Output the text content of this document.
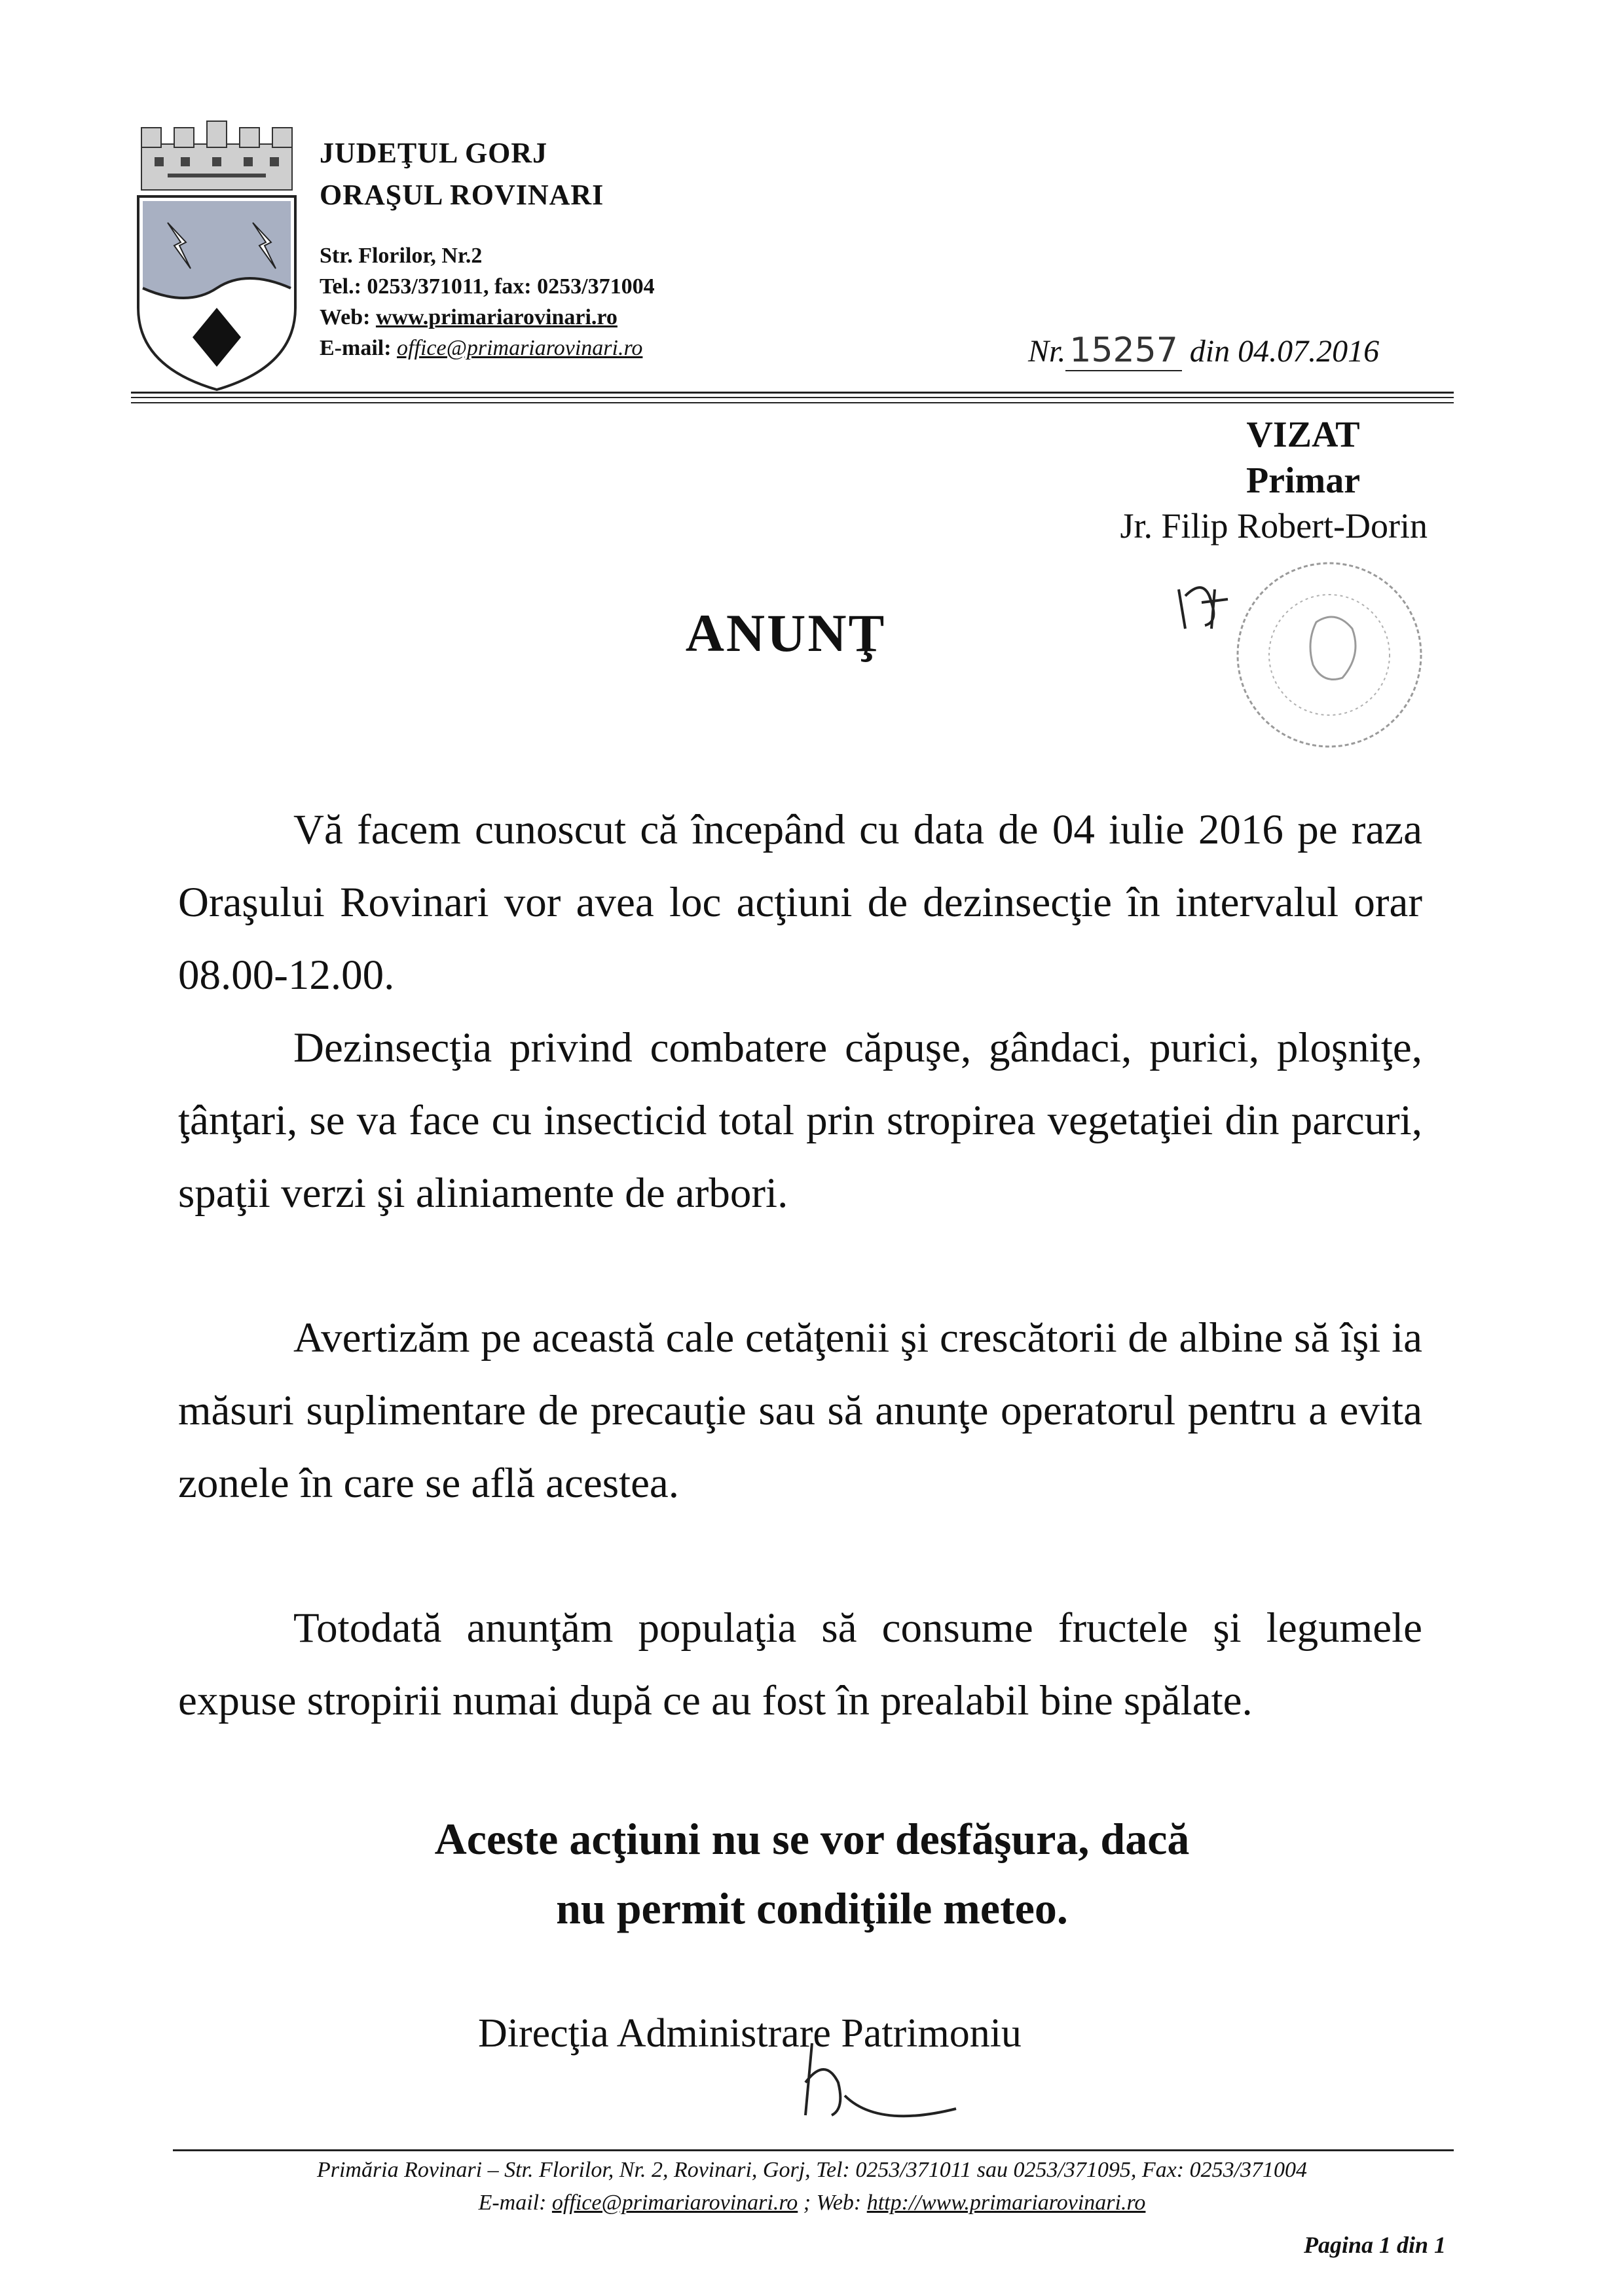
JUDEŢUL GORJ
ORAŞUL ROVINARI
Str. Florilor, Nr.2
Tel.: 0253/371011, fax: 0253/371004
Web: www.primariarovinari.ro
E-mail: office@primariarovinari.ro	Nr. 15257 din 04.07.2016
VIZAT
Primar
Jr. Filip Robert-Dorin
ANUNŢ

Vă facem cunoscut că începând cu data de 04 iulie 2016 pe raza Oraşului Rovinari vor avea loc acţiuni de dezinsecţie în intervalul orar 08.00-12.00.

Dezinsecţia privind combatere căpuşe, gândaci, purici, ploşniţe, ţânţari, se va face cu insecticid total prin stropirea vegetaţiei din parcuri, spaţii verzi şi aliniamente de arbori.

Avertizăm pe această cale cetăţenii şi crescătorii de albine să îşi ia măsuri suplimentare de precauţie sau să anunţe operatorul pentru a evita zonele în care se află acestea.

Totodată anunţăm populaţia să consume fructele şi legumele expuse stropirii numai după ce au fost în prealabil bine spălate.

Aceste acţiuni nu se vor desfăşura, dacă
nu permit condiţiile meteo.
Direcţia Administrare Patrimoniu
Primăria Rovinari – Str. Florilor, Nr. 2, Rovinari, Gorj, Tel: 0253/371011 sau 0253/371095, Fax: 0253/371004
E-mail: office@primariarovinari.ro ; Web: http://www.primariarovinari.ro
Pagina 1 din 1
